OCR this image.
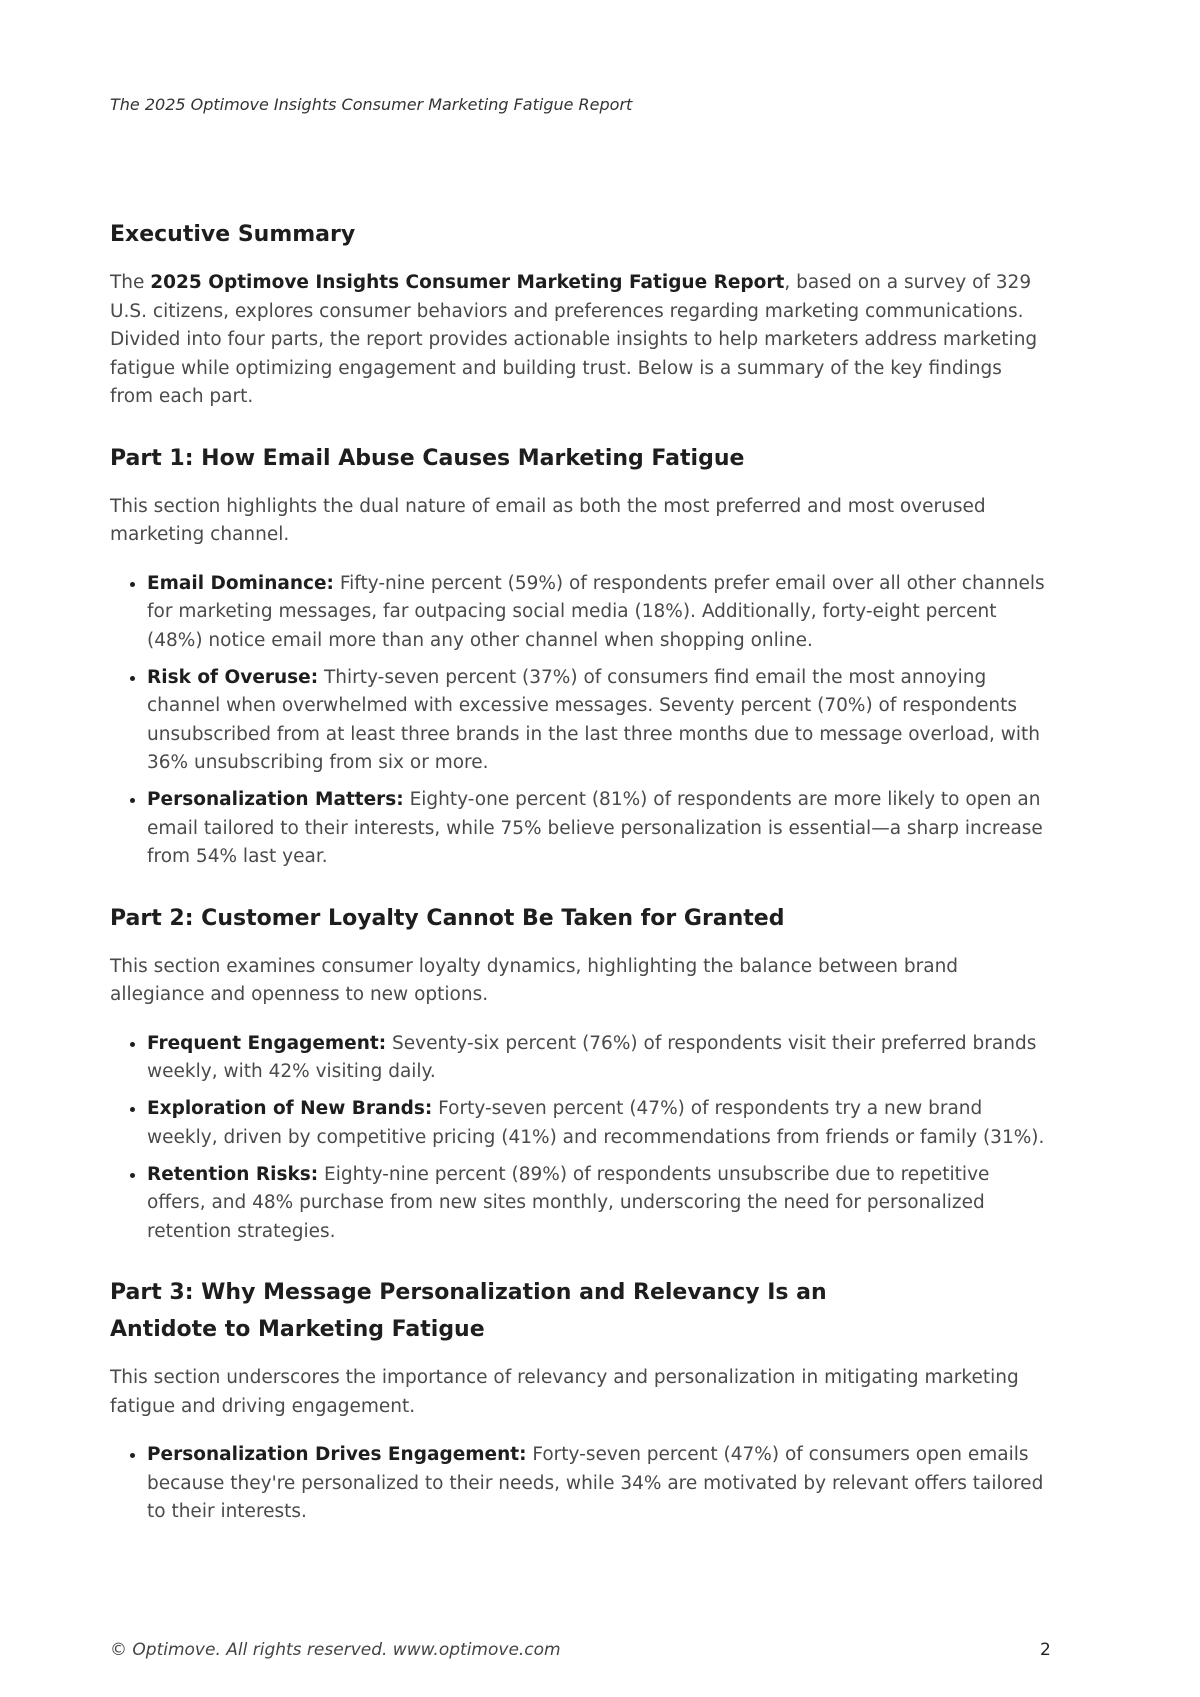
The 2025 Optimove Insights Consumer Marketing Fatigue Report
Executive Summary

The 2025 Optimove Insights Consumer Marketing Fatigue Report, based on a survey of 329 U.S. citizens, explores consumer behaviors and preferences regarding marketing communications. Divided into four parts, the report provides actionable insights to help marketers address marketing fatigue while optimizing engagement and building trust. Below is a summary of the key findings from each part.

Part 1: How Email Abuse Causes Marketing Fatigue

This section highlights the dual nature of email as both the most preferred and most overused marketing channel.

• Email Dominance: Fifty-nine percent (59%) of respondents prefer email over all other channels for marketing messages, far outpacing social media (18%). Additionally, forty-eight percent (48%) notice email more than any other channel when shopping online.
• Risk of Overuse: Thirty-seven percent (37%) of consumers find email the most annoying channel when overwhelmed with excessive messages. Seventy percent (70%) of respondents unsubscribed from at least three brands in the last three months due to message overload, with 36% unsubscribing from six or more.
• Personalization Matters: Eighty-one percent (81%) of respondents are more likely to open an email tailored to their interests, while 75% believe personalization is essential—a sharp increase from 54% last year.
Part 2: Customer Loyalty Cannot Be Taken for Granted

This section examines consumer loyalty dynamics, highlighting the balance between brand allegiance and openness to new options.

• Frequent Engagement: Seventy-six percent (76%) of respondents visit their preferred brands weekly, with 42% visiting daily.
• Exploration of New Brands: Forty-seven percent (47%) of respondents try a new brand weekly, driven by competitive pricing (41%) and recommendations from friends or family (31%).
• Retention Risks: Eighty-nine percent (89%) of respondents unsubscribe due to repetitive offers, and 48% purchase from new sites monthly, underscoring the need for personalized retention strategies.
Part 3: Why Message Personalization and Relevancy Is an Antidote to Marketing Fatigue

This section underscores the importance of relevancy and personalization in mitigating marketing fatigue and driving engagement.

• Personalization Drives Engagement: Forty-seven percent (47%) of consumers open emails because they're personalized to their needs, while 34% are motivated by relevant offers tailored to their interests.
© Optimove. All rights reserved. www.optimove.com	2
